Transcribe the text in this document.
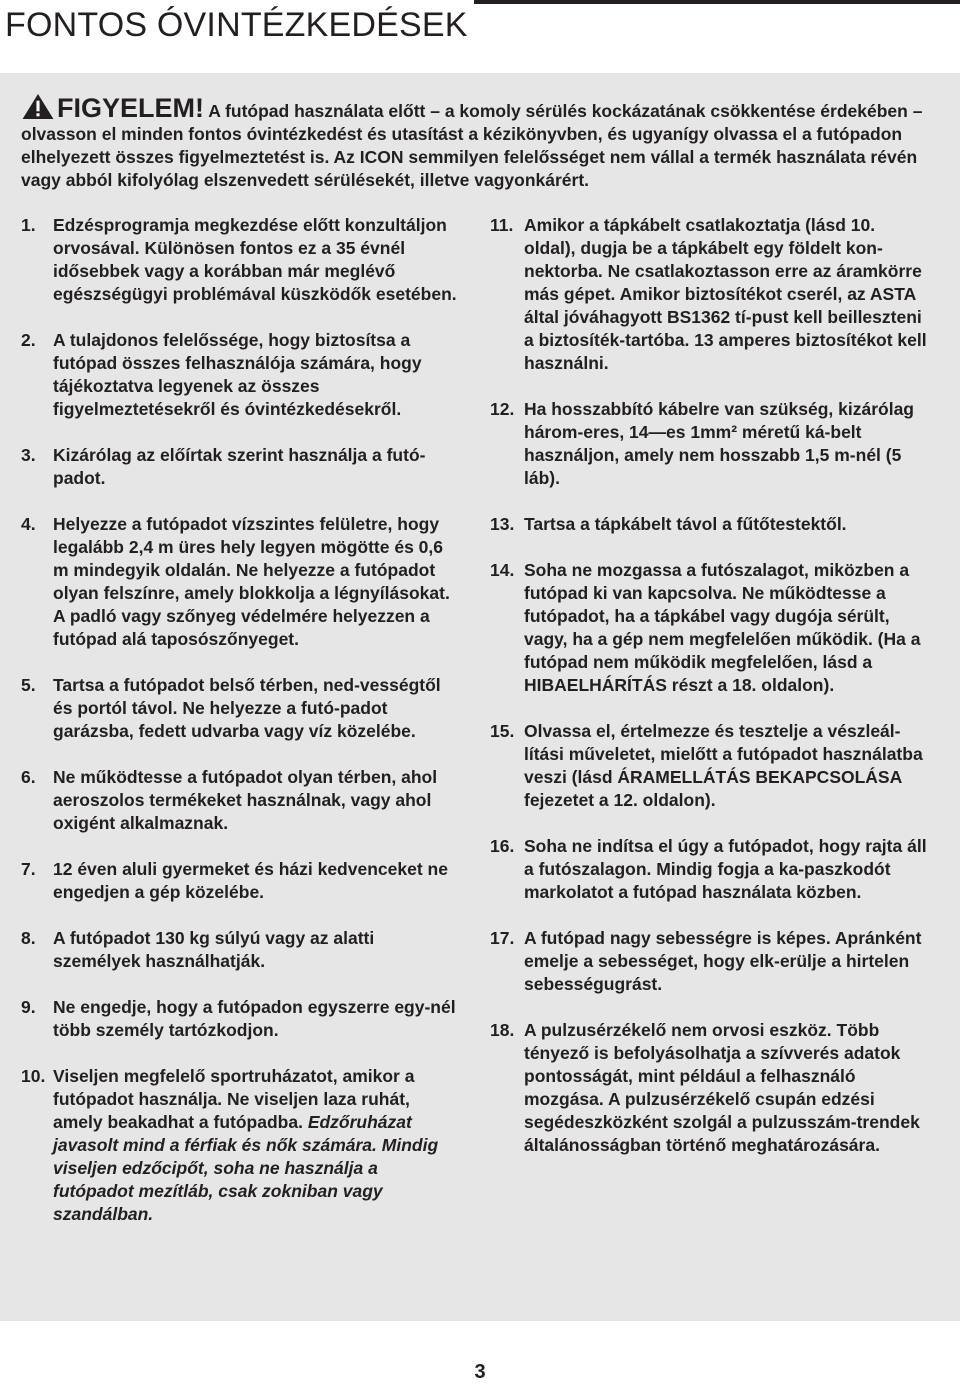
FONTOS ÓVINTÉZKEDÉSEK

FIGYELEM! A futópad használata előtt – a komoly sérülés kockázatának csökkentése érdekében – olvasson el minden fontos óvintézkedést és utasítást a kézikönyvben, és ugyanígy olvassa el a futópadon elhelyezett összes figyelmeztetést is. Az ICON semmilyen felelősséget nem vállal a termék használata révén vagy abból kifolyólag elszenvedett sérülésekét, illetve vagyonkárért.

1. Edzésprogramja megkezdése előtt konzultáljon orvosával. Különösen fontos ez a 35 évnél idősebbek vagy a korábban már meglévő egészségügyi problémával küszködők esetében.
2. A tulajdonos felelőssége, hogy biztosítsa a futópad összes felhasználója számára, hogy tájékoztatva legyenek az összes figyelmeztetésekről és óvintézkedésekről.
3. Kizárólag az előírtak szerint használja a futó-padot.
4. Helyezze a futópadot vízszintes felületre, hogy legalább 2,4 m üres hely legyen mögötte és 0,6 m mindegyik oldalán. Ne helyezze a futópadot olyan felszínre, amely blokkolja a légnyílásokat. A padló vagy szőnyeg védelmére helyezzen a futópad alá taposószőnyeget.
5. Tartsa a futópadot belső térben, ned-vességtől és portól távol. Ne helyezze a futó-padot garázsba, fedett udvarba vagy víz közelébe.
6. Ne működtesse a futópadot olyan térben, ahol aeroszolos termékeket használnak, vagy ahol oxigént alkalmaznak.
7. 12 éven aluli gyermeket és házi kedvenceket ne engedjen a gép közelébe.
8. A futópadot 130 kg súlyú vagy az alatti személyek használhatják.
9. Ne engedje, hogy a futópadon egyszerre egy-nél több személy tartózkodjon.
10. Viseljen megfelelő sportruházatot, amikor a futópadot használja. Ne viseljen laza ruhát, amely beakadhat a futópadba. Edzőruházat javasolt mind a férfiak és nők számára. Mindig viseljen edzőcipőt, soha ne használja a futópadot mezítláb, csak zokniban vagy szandálban.
11. Amikor a tápkábelt csatlakoztatja (lásd 10. oldal), dugja be a tápkábelt egy földelt kon-nektorba. Ne csatlakoztasson erre az áramkörre más gépet. Amikor biztosítékot cserél, az ASTA által jóváhagyott BS1362 tí-pust kell beilleszteni a biztosíték-tartóba. 13 amperes biztosítékot kell használni.
12. Ha hosszabbító kábelre van szükség, kizárólag három-eres, 14—es 1mm² méretű ká-belt használjon, amely nem hosszabb 1,5 m-nél (5 láb).
13. Tartsa a tápkábelt távol a fűtőtestektől.
14. Soha ne mozgassa a futószalagot, miközben a futópad ki van kapcsolva. Ne működtesse a futópadot, ha a tápkábel vagy dugója sérült, vagy, ha a gép nem megfelelően működik. (Ha a futópad nem működik megfelelően, lásd a HIBAELHÁRÍTÁS részt a 18. oldalon).
15. Olvassa el, értelmezze és tesztelje a vészleál-lítási műveletet, mielőtt a futópadot használatba veszi (lásd ÁRAMELLÁTÁS BEKAPCSOLÁSA fejezetet a 12. oldalon).
16. Soha ne indítsa el úgy a futópadot, hogy rajta áll a futószalagon. Mindig fogja a ka-paszkodót markolatot a futópad használata közben.
17. A futópad nagy sebességre is képes. Apránként emelje a sebességet, hogy elk-erülje a hirtelen sebességugrást.
18. A pulzusérzékelő nem orvosi eszköz. Több tényező is befolyásolhatja a szívverés adatok pontosságát, mint például a felhasználó mozgása. A pulzusérzékelő csupán edzési segédeszközként szolgál a pulzusszám-trendek általánosságban történő meghatározására.
3
